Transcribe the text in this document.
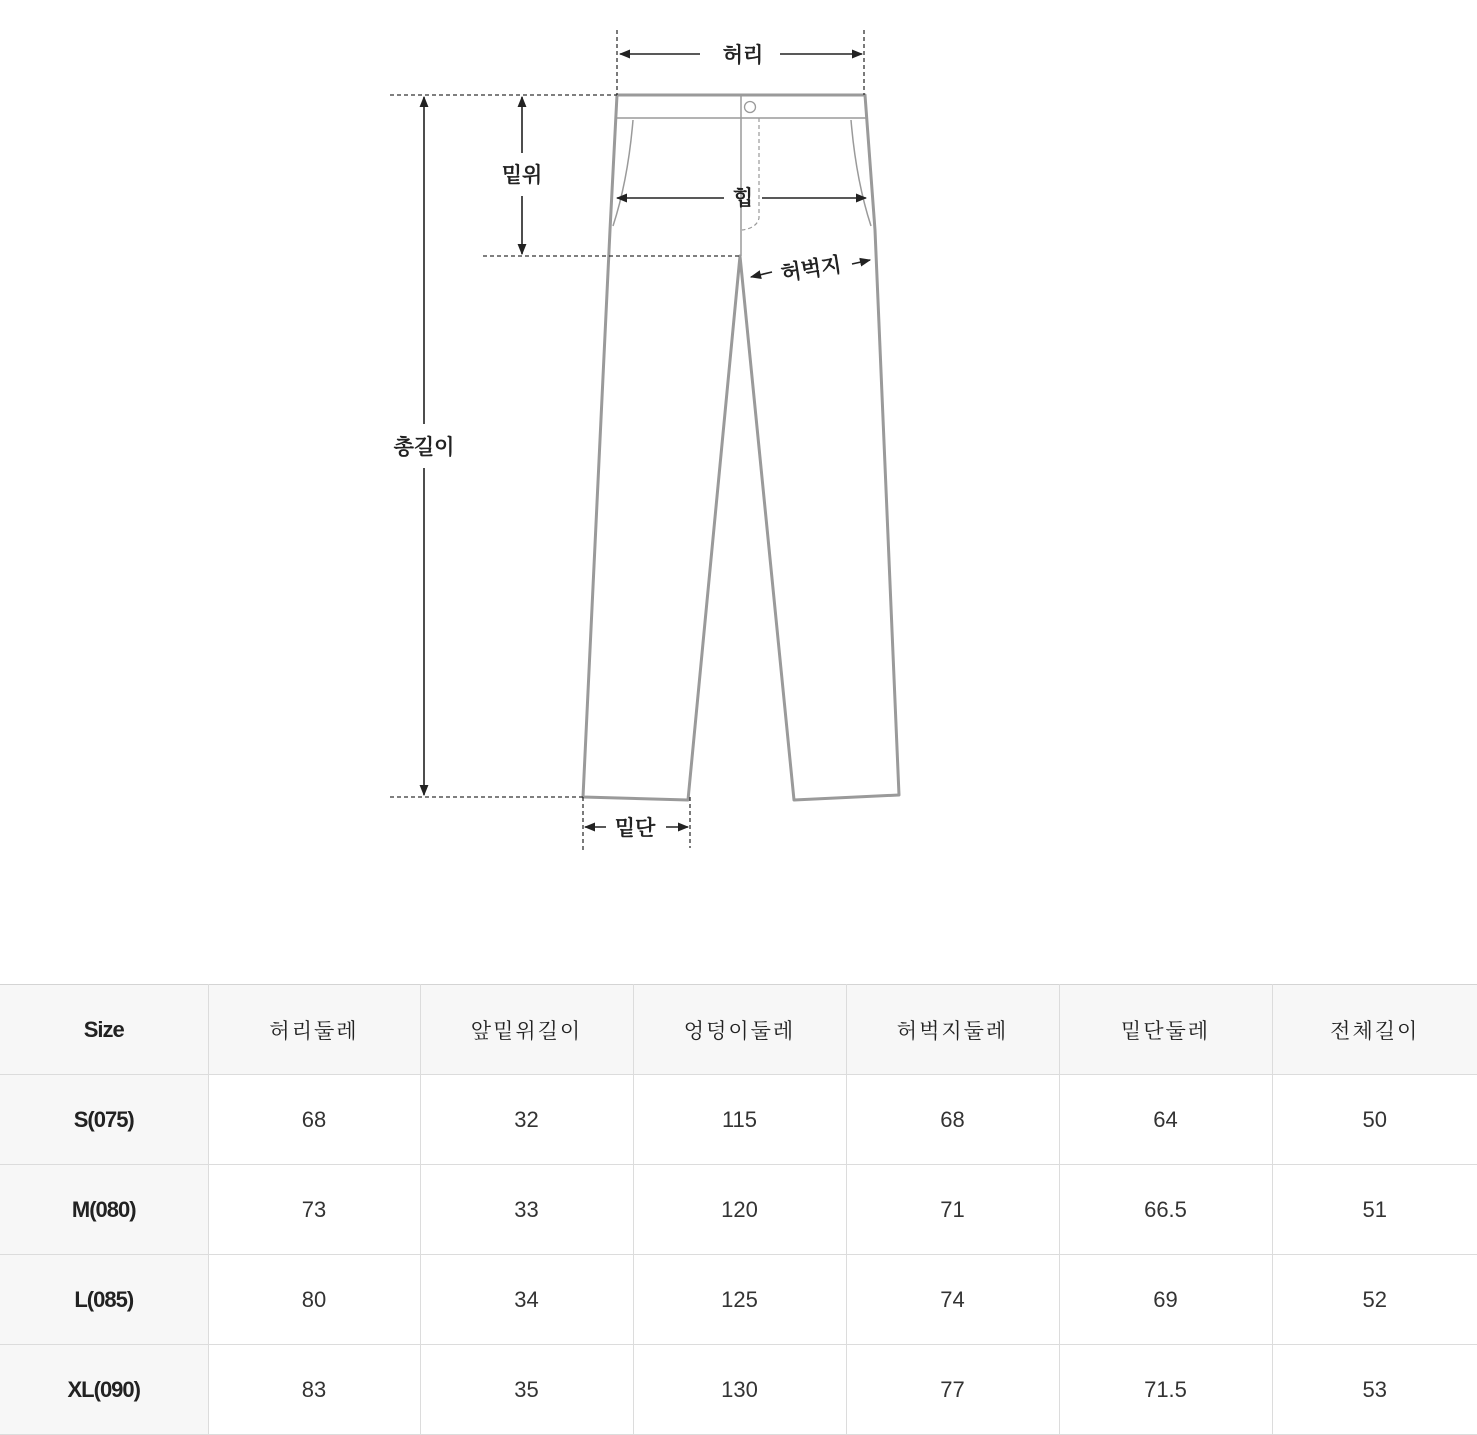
허리
밑위
힙
허벅지
총길이
밑단
Size	허리둘레	앞밑위길이	엉덩이둘레	허벅지둘레	밑단둘레	전체길이
S(075)	68	32	115	68	64	50
M(080)	73	33	120	71	66.5	51
L(085)	80	34	125	74	69	52
XL(090)	83	35	130	77	71.5	53
